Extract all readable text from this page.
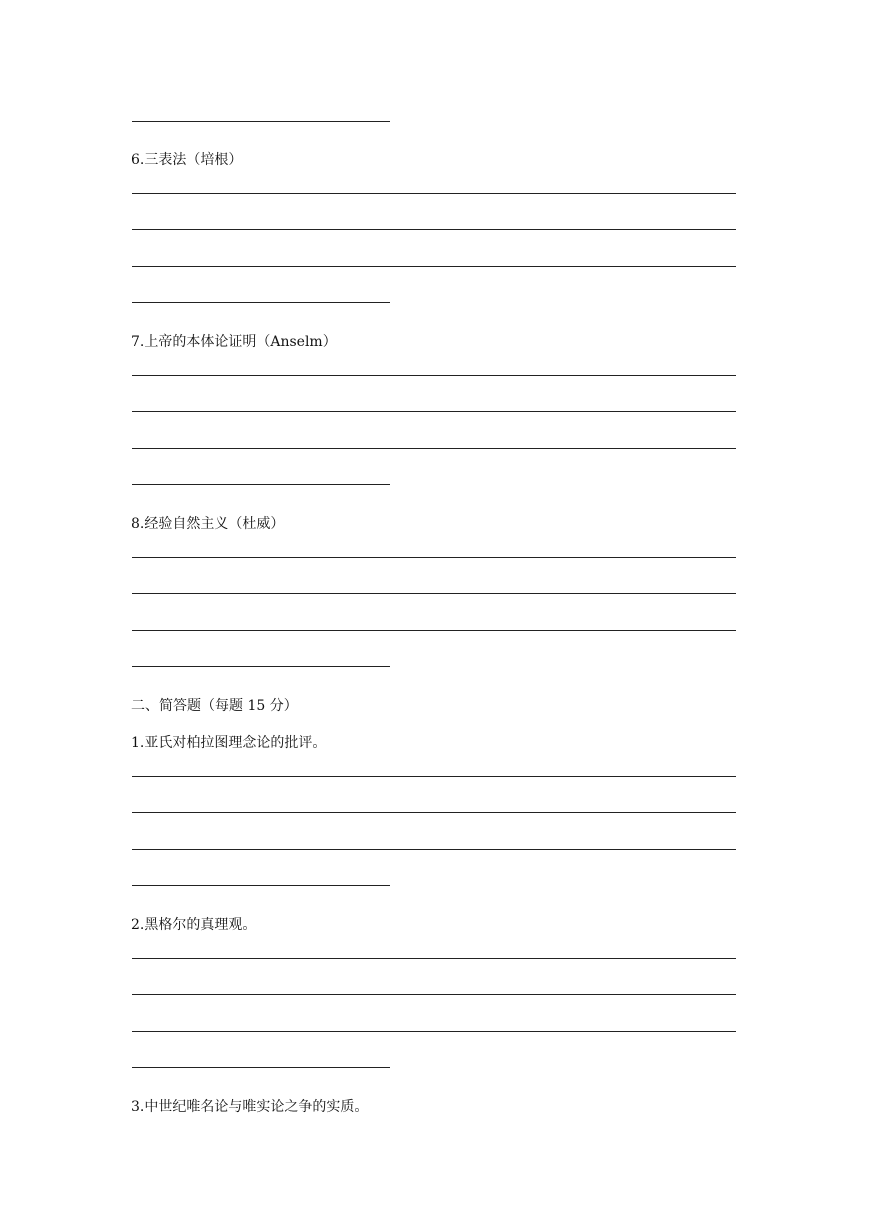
6.三表法（培根）
7.上帝的本体论证明（Anselm）
8.经验自然主义（杜威）
二、简答题（每题 15 分）
1.亚氏对柏拉图理念论的批评。
2.黑格尔的真理观。
3.中世纪唯名论与唯实论之争的实质。
